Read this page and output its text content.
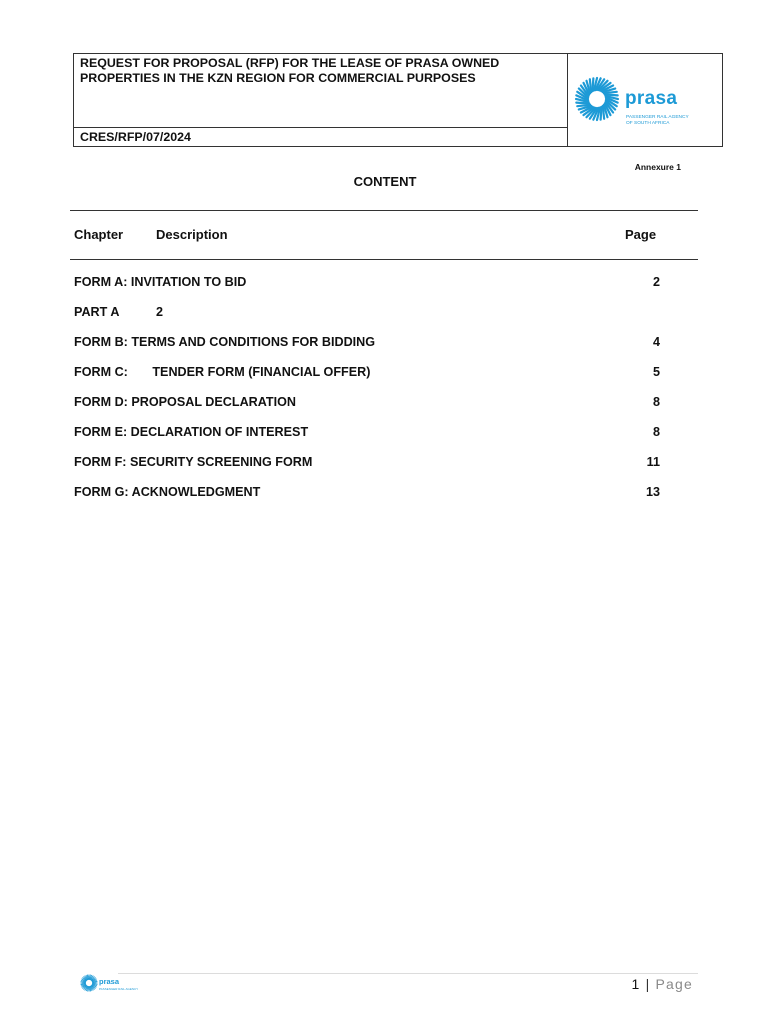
REQUEST FOR PROPOSAL (RFP) FOR THE LEASE OF PRASA OWNED PROPERTIES IN THE KZN REGION FOR COMMERCIAL PURPOSES
CRES/RFP/07/2024
prasa
PASSENGER RAIL AGENCY OF SOUTH AFRICA
Annexure 1
CONTENT
Chapter	Description	Page
FORM A: INVITATION TO BID	2
PART A	2
FORM B: TERMS AND CONDITIONS FOR BIDDING	4
FORM C:       TENDER FORM (FINANCIAL OFFER)	5
FORM D: PROPOSAL DECLARATION	8
FORM E: DECLARATION OF INTEREST	8
FORM F: SECURITY SCREENING FORM	11
FORM G: ACKNOWLEDGMENT	13
prasa
PASSENGER RAIL AGENCY	1 | Page
